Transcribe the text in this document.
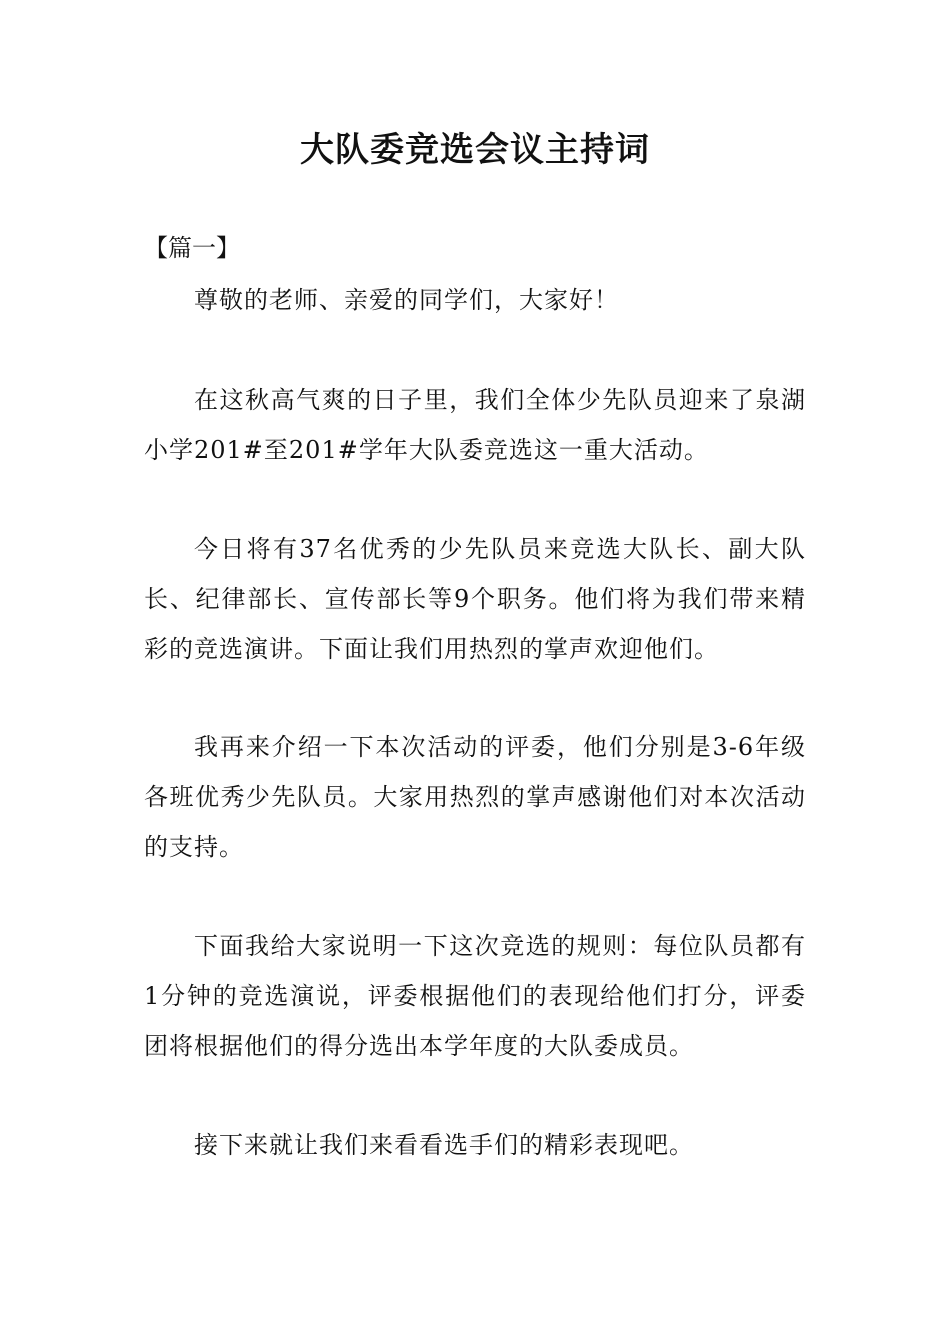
大队委竞选会议主持词
【篇一】

尊敬的老师、亲爱的同学们，大家好！

在这秋高气爽的日子里，我们全体少先队员迎来了泉湖小学201#至201#学年大队委竞选这一重大活动。

今日将有37名优秀的少先队员来竞选大队长、副大队长、纪律部长、宣传部长等9个职务。他们将为我们带来精彩的竞选演讲。下面让我们用热烈的掌声欢迎他们。

我再来介绍一下本次活动的评委，他们分别是3-6年级各班优秀少先队员。大家用热烈的掌声感谢他们对本次活动的支持。

下面我给大家说明一下这次竞选的规则：每位队员都有1分钟的竞选演说，评委根据他们的表现给他们打分，评委团将根据他们的得分选出本学年度的大队委成员。

接下来就让我们来看看选手们的精彩表现吧。
